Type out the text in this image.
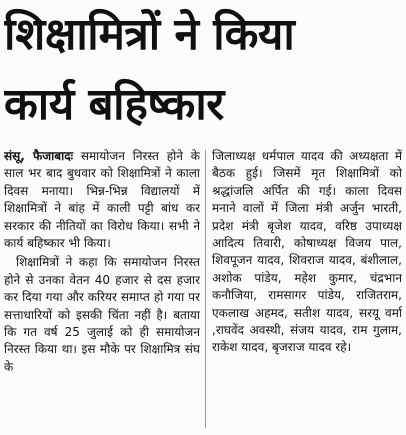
शिक्षामित्रों ने किया
कार्य बहिष्कार

संसू, फैजाबादः समायोजन निरस्त होने के साल भर बाद बुधवार को शिक्षामित्रों ने काला दिवस मनाया। भिन्न-भिन्न विद्यालयों में शिक्षामित्रों ने बांह में काली पट्टी बांध कर सरकार की नीतियों का विरोध किया। सभी ने कार्य बहिष्कार भी किया।

शिक्षामित्रों ने कहा कि समायोजन निरस्त होने से उनका वेतन 40 हजार से दस हजार कर दिया गया और करियर समाप्त हो गया पर सत्ताधारियों को इसकी चिंता नहीं है। बताया कि गत वर्ष 25 जुलाई को ही समायोजन निरस्त किया था। इस मौके पर शिक्षामित्र संघ के

जिलाध्यक्ष धर्मपाल यादव की अध्यक्षता में बैठक हुई। जिसमें मृत शिक्षामित्रों को श्रद्धांजलि अर्पित की गई। काला दिवस मनाने वालों में जिला मंत्री अर्जुन भारती, प्रदेश मंत्री बृजेश यादव, वरिष्ठ उपाध्यक्ष आदित्य तिवारी, कोषाध्यक्ष विजय पाल, शिवपूजन यादव, शिवराज यादव, बंशीलाल, अशोक पांडेय, महेश कुमार, चंद्रभान कनौजिया, रामसागर पांडेय, राजितराम, एकलाख अहमद, सतीश यादव, सरयू वर्मा ,राघवेंद अवस्थी, संजय यादव, राम गुलाम, राकेश यादव, बृजराज यादव रहे।
